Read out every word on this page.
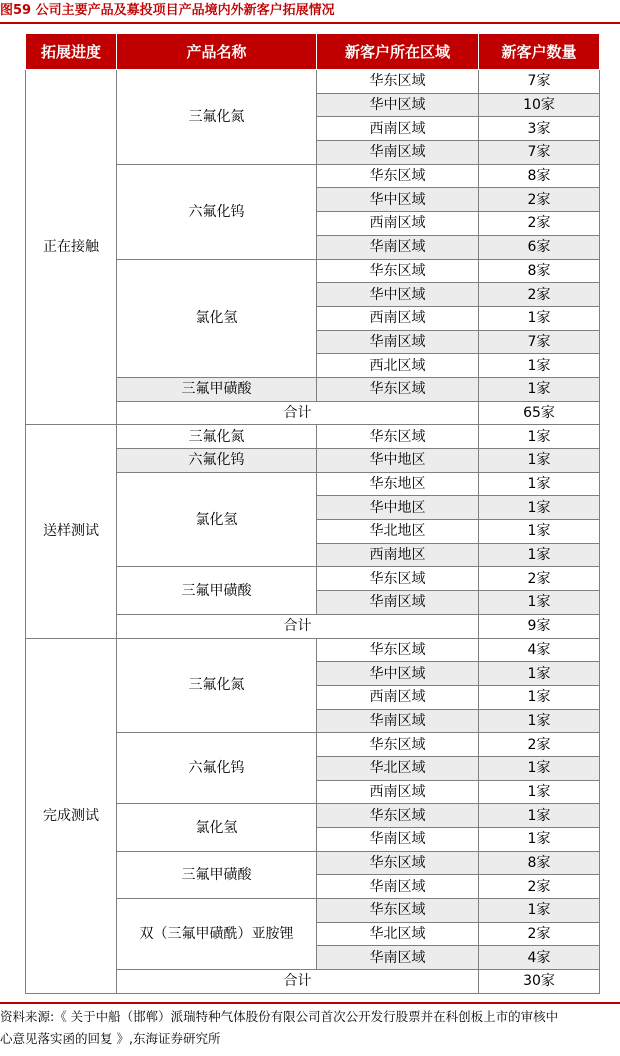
图59 公司主要产品及募投项目产品境内外新客户拓展情况
拓展进度	产品名称	新客户所在区域	新客户数量
正在接触	三氟化氮	华东区域	7家
		华中区域	10家
		西南区域	3家
		华南区域	7家
	六氟化钨	华东区域	8家
		华中区域	2家
		西南区域	2家
		华南区域	6家
	氯化氢	华东区域	8家
		华中区域	2家
		西南区域	1家
		华南区域	7家
		西北区域	1家
	三氟甲磺酸	华东区域	1家
	合计		65家
送样测试	三氟化氮	华东区域	1家
	六氟化钨	华中地区	1家
	氯化氢	华东地区	1家
		华中地区	1家
		华北地区	1家
		西南地区	1家
	三氟甲磺酸	华东区域	2家
		华南区域	1家
	合计		9家
完成测试	三氟化氮	华东区域	4家
		华中区域	1家
		西南区域	1家
		华南区域	1家
	六氟化钨	华东区域	2家
		华北区域	1家
		西南区域	1家
	氯化氢	华东区域	1家
		华南区域	1家
	三氟甲磺酸	华东区域	8家
		华南区域	2家
	双（三氟甲磺酰）亚胺锂	华东区域	1家
		华北区域	2家
		华南区域	4家
	合计		30家
资料来源:《 关于中船（邯郸）派瑞特种气体股份有限公司首次公开发行股票并在科创板上市的审核中
心意见落实函的回复 》,东海证券研究所
